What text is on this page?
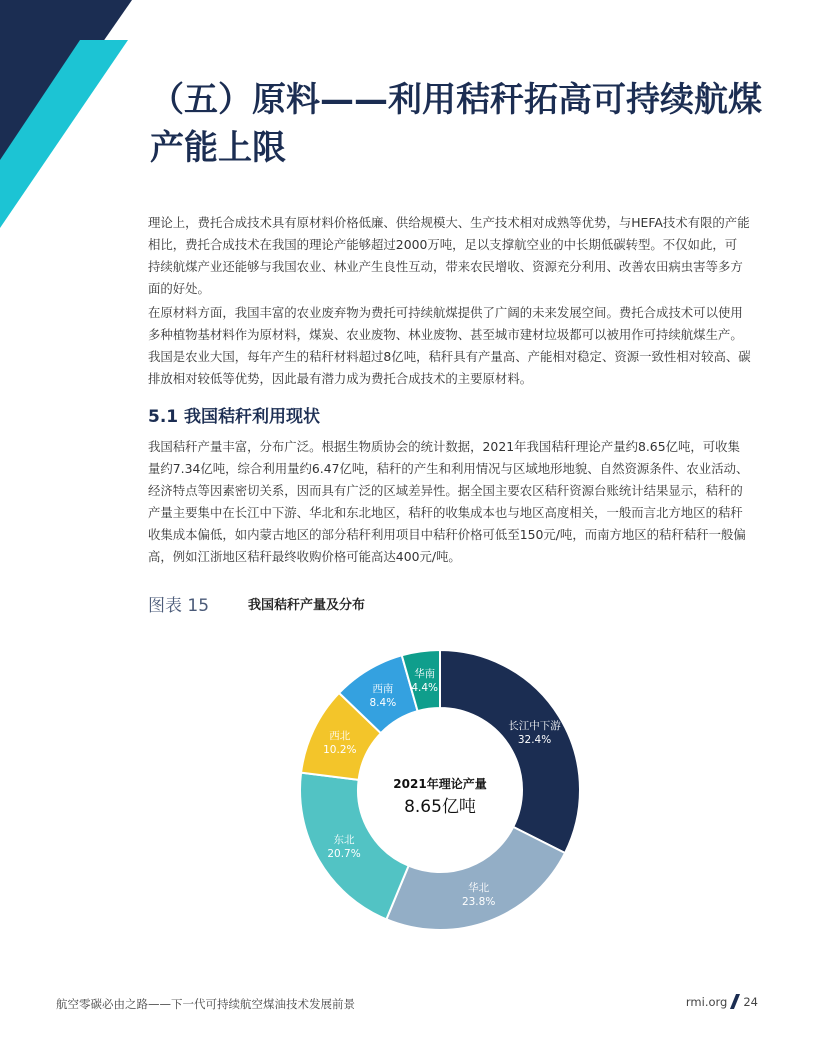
（五）原料——利用秸秆拓高可持续航煤
产能上限
理论上，费托合成技术具有原材料价格低廉、供给规模大、生产技术相对成熟等优势，与HEFA技术有限的产能
相比，费托合成技术在我国的理论产能够超过2000万吨，足以支撑航空业的中长期低碳转型。不仅如此，可
持续航煤产业还能够与我国农业、林业产生良性互动，带来农民增收、资源充分利用、改善农田病虫害等多方
面的好处。
在原材料方面，我国丰富的农业废弃物为费托可持续航煤提供了广阔的未来发展空间。费托合成技术可以使用
多种植物基材料作为原材料，煤炭、农业废物、林业废物、甚至城市建材垃圾都可以被用作可持续航煤生产。
我国是农业大国，每年产生的秸秆材料超过8亿吨，秸秆具有产量高、产能相对稳定、资源一致性相对较高、碳
排放相对较低等优势，因此最有潜力成为费托合成技术的主要原材料。
5.1 我国秸秆利用现状
我国秸秆产量丰富，分布广泛。根据生物质协会的统计数据，2021年我国秸秆理论产量约8.65亿吨，可收集
量约7.34亿吨，综合利用量约6.47亿吨，秸秆的产生和利用情况与区域地形地貌、自然资源条件、农业活动、
经济特点等因素密切关系，因而具有广泛的区域差异性。据全国主要农区秸秆资源台账统计结果显示，秸秆的
产量主要集中在长江中下游、华北和东北地区，秸秆的收集成本也与地区高度相关，一般而言北方地区的秸秆
收集成本偏低，如内蒙古地区的部分秸秆利用项目中秸秆价格可低至150元/吨，而南方地区的秸秆秸秆一般偏
高，例如江浙地区秸秆最终收购价格可能高达400元/吨。
图表 15	我国秸秆产量及分布
长江中下游
32.4%
华北
23.8%
东北
20.7%
西北
10.2%
西南
8.4%
华南
4.4%
2021年理论产量
8.65亿吨
航空零碳必由之路——下一代可持续航空煤油技术发展前景	rmi.org 24
